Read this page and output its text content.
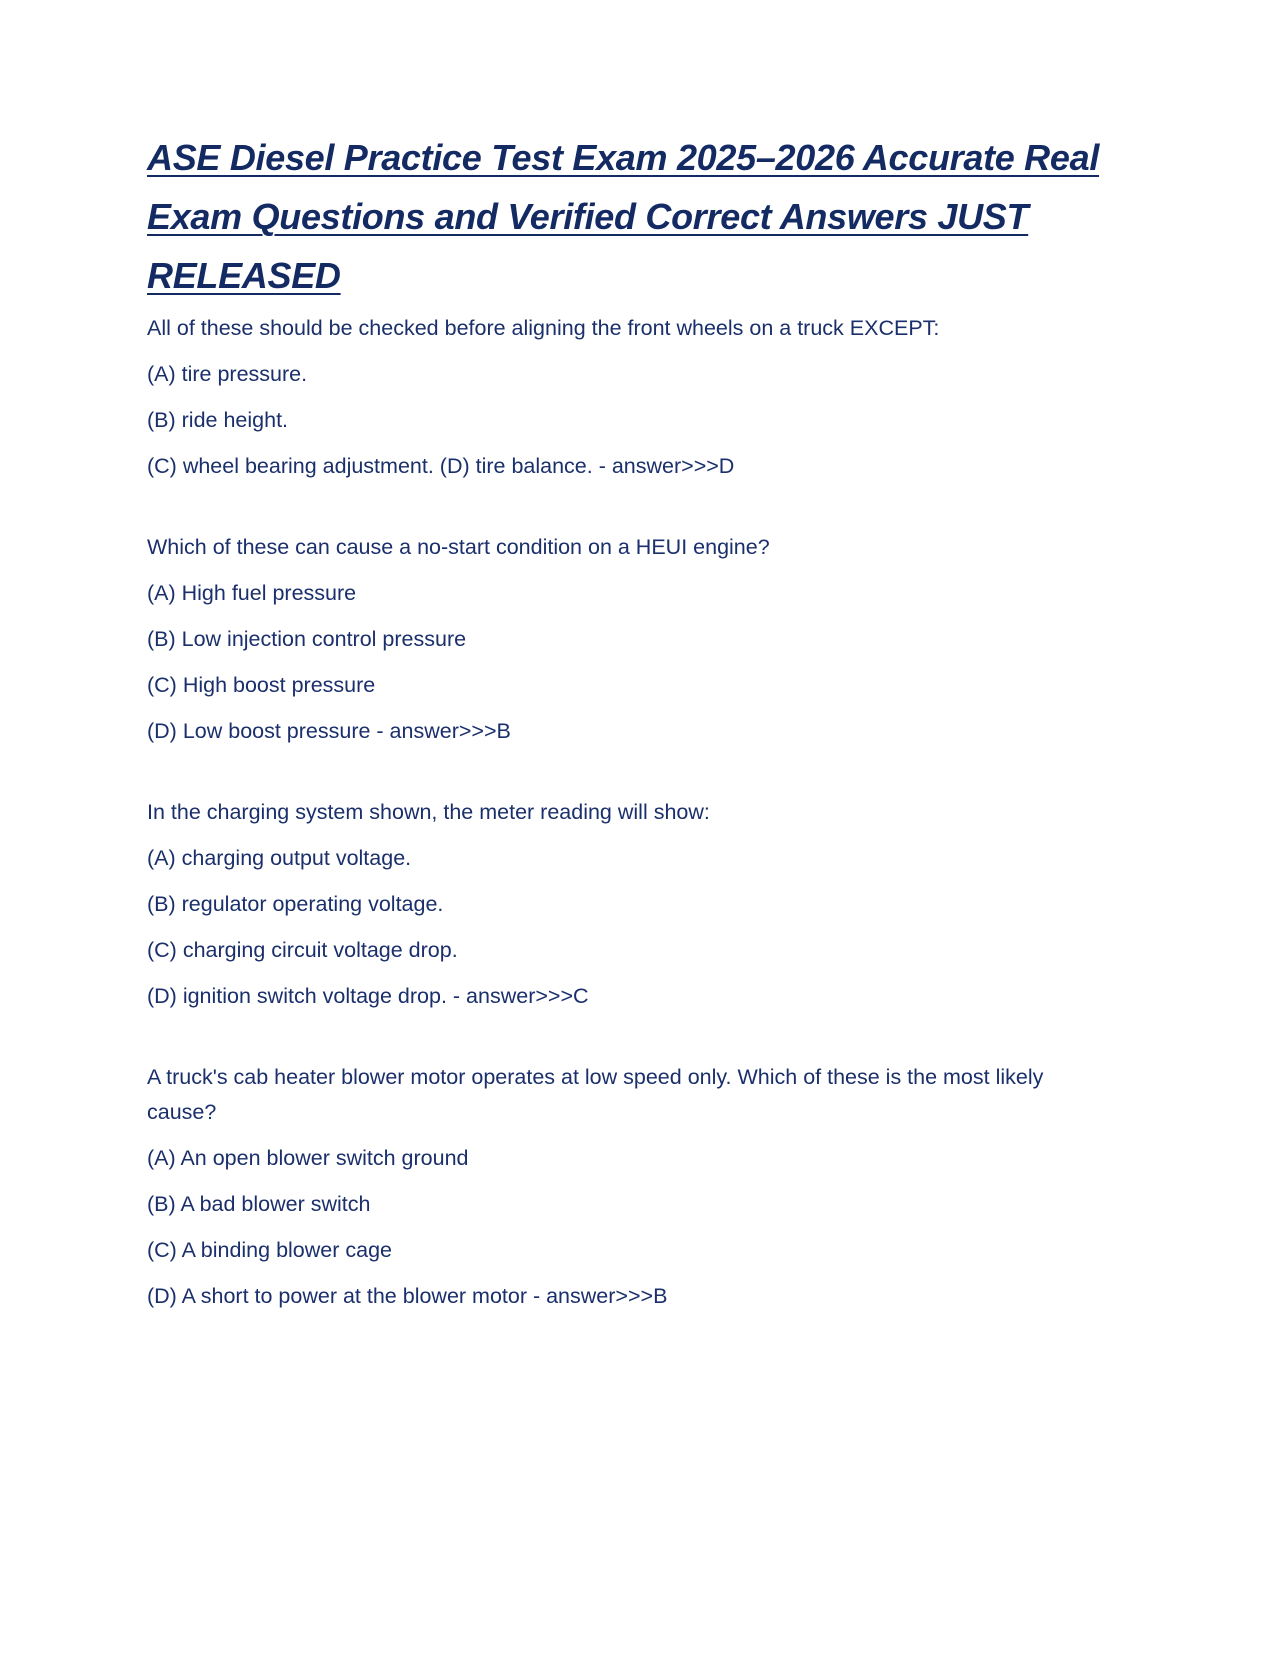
ASE Diesel Practice Test Exam 2025–2026 Accurate Real Exam Questions and Verified Correct Answers JUST RELEASED

All of these should be checked before aligning the front wheels on a truck EXCEPT:

(A) tire pressure.

(B) ride height.

(C) wheel bearing adjustment. (D) tire balance. - answer>>>D

Which of these can cause a no-start condition on a HEUI engine?

(A) High fuel pressure

(B) Low injection control pressure

(C) High boost pressure

(D) Low boost pressure - answer>>>B

In the charging system shown, the meter reading will show:

(A) charging output voltage.

(B) regulator operating voltage.

(C) charging circuit voltage drop.

(D) ignition switch voltage drop. - answer>>>C

A truck's cab heater blower motor operates at low speed only. Which of these is the most likely cause?

(A) An open blower switch ground

(B) A bad blower switch

(C) A binding blower cage

(D) A short to power at the blower motor - answer>>>B
